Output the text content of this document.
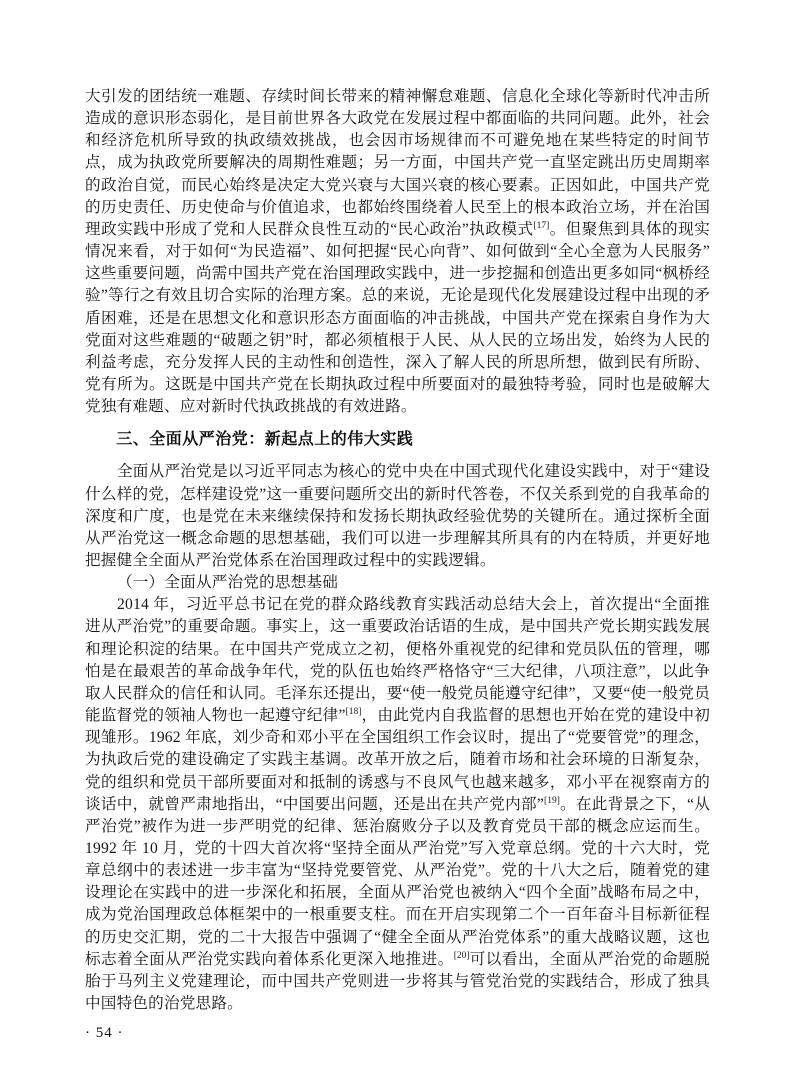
大引发的团结统一难题、存续时间长带来的精神懈怠难题、信息化全球化等新时代冲击所造成的意识形态弱化，是目前世界各大政党在发展过程中都面临的共同问题。此外，社会和经济危机所导致的执政绩效挑战，也会因市场规律而不可避免地在某些特定的时间节点，成为执政党所要解决的周期性难题；另一方面，中国共产党一直坚定跳出历史周期率的政治自觉，而民心始终是决定大党兴衰与大国兴衰的核心要素。正因如此，中国共产党的历史责任、历史使命与价值追求，也都始终围绕着人民至上的根本政治立场，并在治国理政实践中形成了党和人民群众良性互动的“民心政治”执政模式[17]。但聚焦到具体的现实情况来看，对于如何“为民造福”、如何把握“民心向背”、如何做到“全心全意为人民服务”这些重要问题，尚需中国共产党在治国理政实践中，进一步挖掘和创造出更多如同“枫桥经验”等行之有效且切合实际的治理方案。总的来说，无论是现代化发展建设过程中出现的矛盾困难，还是在思想文化和意识形态方面面临的冲击挑战，中国共产党在探索自身作为大党面对这些难题的“破题之钥”时，都必须植根于人民、从人民的立场出发，始终为人民的利益考虑，充分发挥人民的主动性和创造性，深入了解人民的所思所想，做到民有所盼、党有所为。这既是中国共产党在长期执政过程中所要面对的最独特考验，同时也是破解大党独有难题、应对新时代执政挑战的有效进路。

三、全面从严治党：新起点上的伟大实践

全面从严治党是以习近平同志为核心的党中央在中国式现代化建设实践中，对于“建设什么样的党，怎样建设党”这一重要问题所交出的新时代答卷，不仅关系到党的自我革命的深度和广度，也是党在未来继续保持和发扬长期执政经验优势的关键所在。通过探析全面从严治党这一概念命题的思想基础，我们可以进一步理解其所具有的内在特质，并更好地把握健全全面从严治党体系在治国理政过程中的实践逻辑。

（一）全面从严治党的思想基础

2014 年，习近平总书记在党的群众路线教育实践活动总结大会上，首次提出“全面推进从严治党”的重要命题。事实上，这一重要政治话语的生成，是中国共产党长期实践发展和理论积淀的结果。在中国共产党成立之初，便格外重视党的纪律和党员队伍的管理，哪怕是在最艰苦的革命战争年代，党的队伍也始终严格恪守“三大纪律，八项注意”，以此争取人民群众的信任和认同。毛泽东还提出，要“使一般党员能遵守纪律”，又要“使一般党员能监督党的领袖人物也一起遵守纪律”[18]，由此党内自我监督的思想也开始在党的建设中初现雏形。1962 年底，刘少奇和邓小平在全国组织工作会议时，提出了“党要管党”的理念，为执政后党的建设确定了实践主基调。改革开放之后，随着市场和社会环境的日渐复杂，党的组织和党员干部所要面对和抵制的诱惑与不良风气也越来越多，邓小平在视察南方的谈话中，就曾严肃地指出，“中国要出问题，还是出在共产党内部”[19]。在此背景之下，“从严治党”被作为进一步严明党的纪律、惩治腐败分子以及教育党员干部的概念应运而生。1992 年 10 月，党的十四大首次将“坚持全面从严治党”写入党章总纲。党的十六大时，党章总纲中的表述进一步丰富为“坚持党要管党、从严治党”。党的十八大之后，随着党的建设理论在实践中的进一步深化和拓展，全面从严治党也被纳入“四个全面”战略布局之中，成为党治国理政总体框架中的一根重要支柱。而在开启实现第二个一百年奋斗目标新征程的历史交汇期，党的二十大报告中强调了“健全全面从严治党体系”的重大战略议题，这也标志着全面从严治党实践向着体系化更深入地推进。[20]可以看出，全面从严治党的命题脱胎于马列主义党建理论，而中国共产党则进一步将其与管党治党的实践结合，形成了独具中国特色的治党思路。

· 54 ·
